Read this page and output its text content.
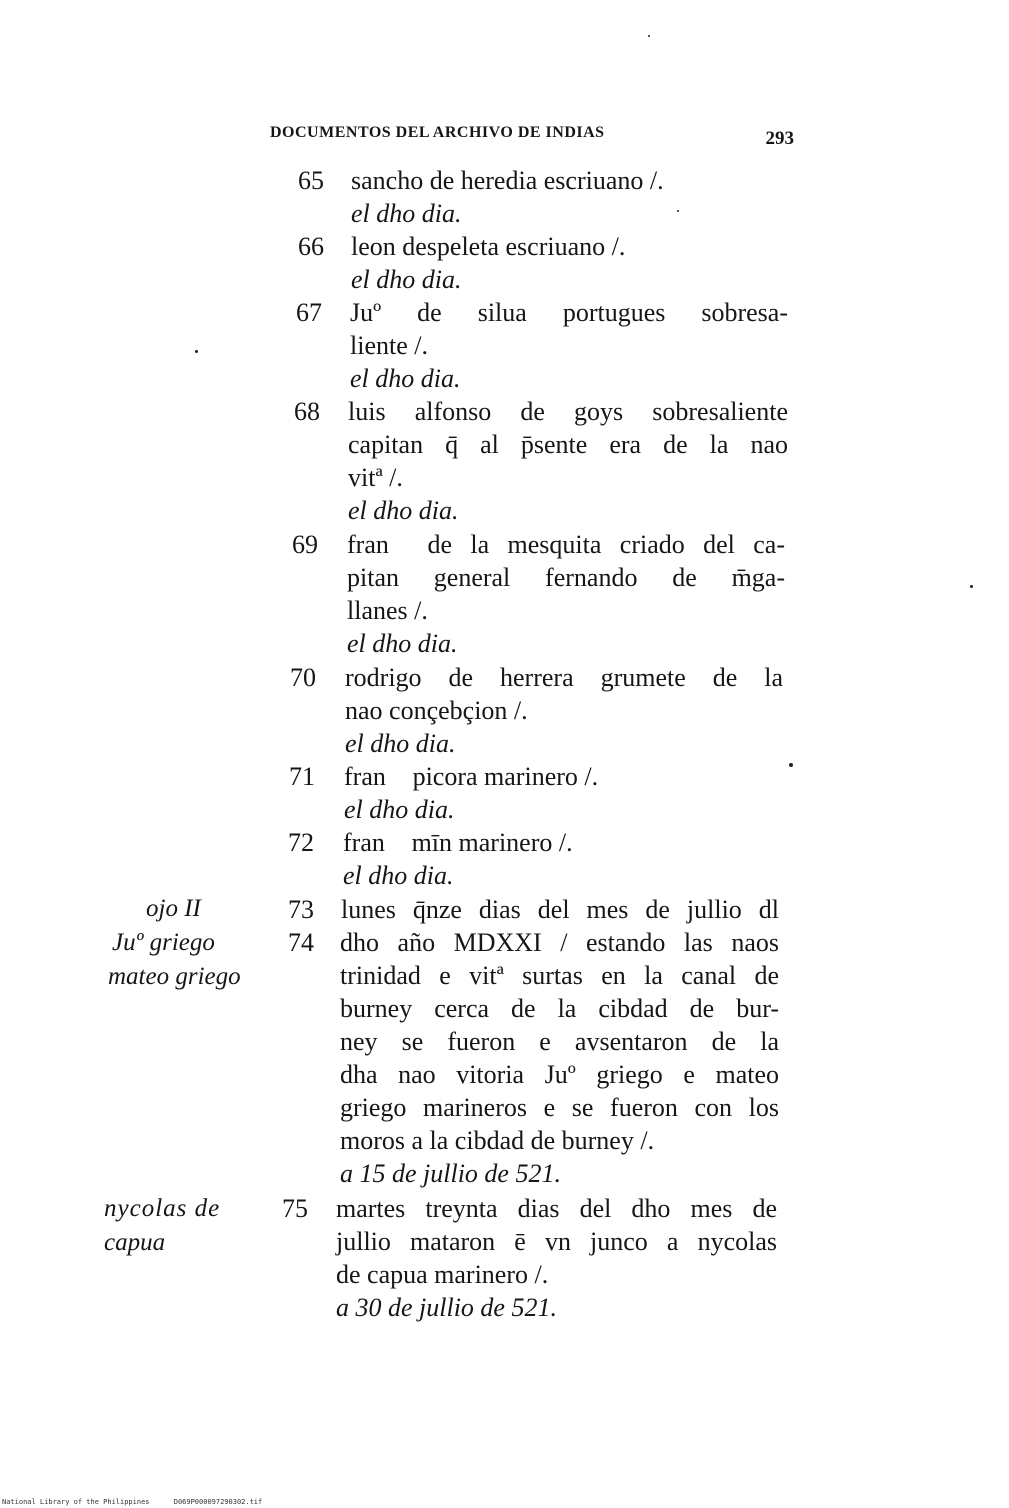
DOCUMENTOS DEL ARCHIVO DE INDIAS	293
65 sancho de heredia escriuano /.
el dho dia.
66 leon despeleta escriuano /.
el dho dia.
67 Juº de silua portugues sobresa-
liente /.
el dho dia.
68 luis alfonso de goys sobresaliente
capitan q̄ al p̄sente era de la nao
vitª /.
el dho dia.
69 fran᪰ de la mesquita criado del ca-
pitan general fernando de m̄ga-
llanes /.
el dho dia.
70 rodrigo de herrera grumete de la
nao conçebçion /.
el dho dia.
71 fran᪰ picora marinero /.
el dho dia.
72 fran᪰ mīn marinero /.
el dho dia.
73 lunes q̄nze dias del mes de jullio dl
74 dho año MDXXI / estando las naos
trinidad e vitª surtas en la canal de
burney cerca de la cibdad de bur-
ney se fueron e avsentaron de la
dha nao vitoria Juº griego e mateo
griego marineros e se fueron con los
moros a la cibdad de burney /.
a 15 de jullio de 521.
75 martes treynta dias del dho mes de
jullio mataron ē vn junco a nycolas
de capua marinero /.
a 30 de jullio de 521.
ojo II
Juº griego
mateo griego
nycolas de
capua
National Library of the Philippines	D069P000097290302.tif
